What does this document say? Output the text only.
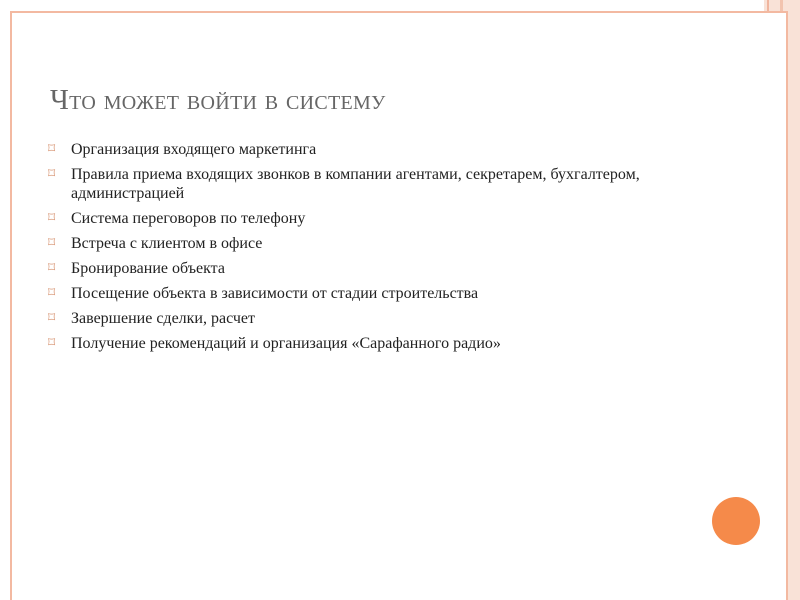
Что может войти в систему
⌑ Организация входящего маркетинга
⌑ Правила приема входящих звонков в компании агентами, секретарем, бухгалтером, администрацией
⌑ Система переговоров по телефону
⌑ Встреча с клиентом в офисе
⌑ Бронирование объекта
⌑ Посещение объекта в зависимости от стадии строительства
⌑ Завершение сделки, расчет
⌑ Получение рекомендаций и организация «Сарафанного радио»
